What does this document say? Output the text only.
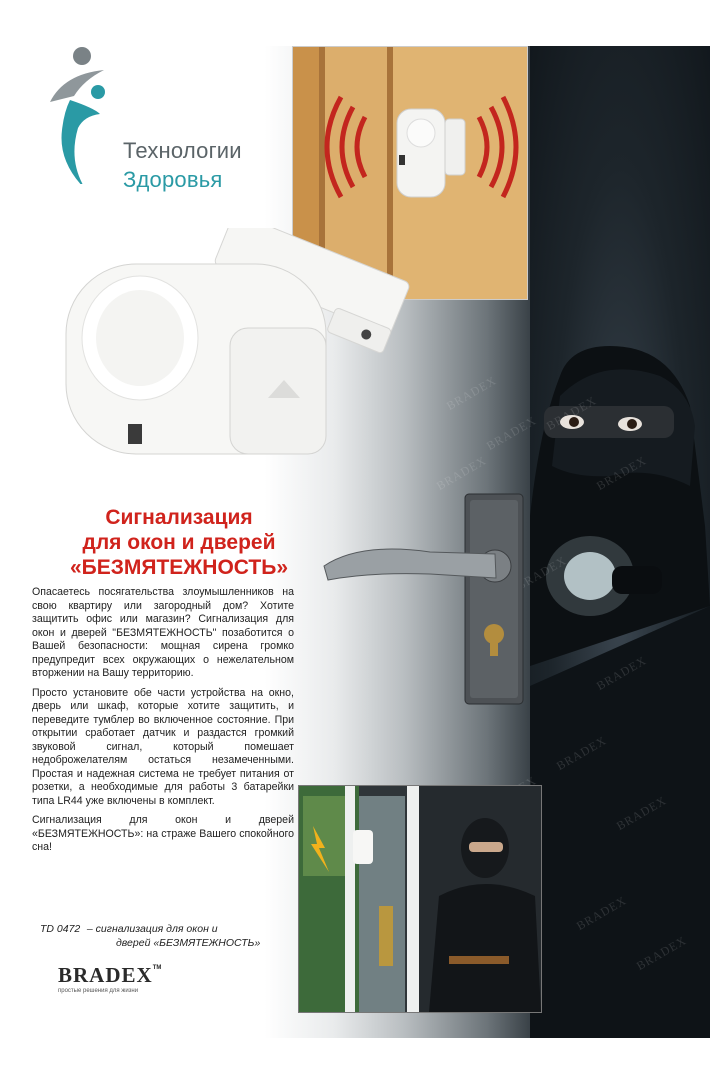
BRADEX
BRADEX
BRADEX
Технологии
Здоровья
Сигнализация
для окон и дверей
«БЕЗМЯТЕЖНОСТЬ»

Опасаетесь посягательства злоумышленников на свою квартиру или загородный дом? Хотите защитить офис или магазин? Сигнализация для окон и дверей "БЕЗМЯТЕЖНОСТЬ" позаботится о Вашей безопасности: мощная сирена громко предупредит всех окружающих о нежелательном вторжении на Вашу территорию.

Просто установите обе части устройства на окно, дверь или шкаф, которые хотите защитить, и переведите тумблер во включенное состояние. При открытии сработает датчик и раздастся громкий звуковой сигнал, который помешает недоброжелателям остаться незамеченными. Простая и надежная система не требует питания от розетки, а необходимые для работы 3 батарейки типа LR44 уже включены в комплект.

Сигнализация для окон и дверей «БЕЗМЯТЕЖНОСТЬ»: на страже Вашего спокойного сна!

TD 0472 – сигнализация для окон и
дверей «БЕЗМЯТЕЖНОСТЬ»
BRADEX™
простые решения для жизни
